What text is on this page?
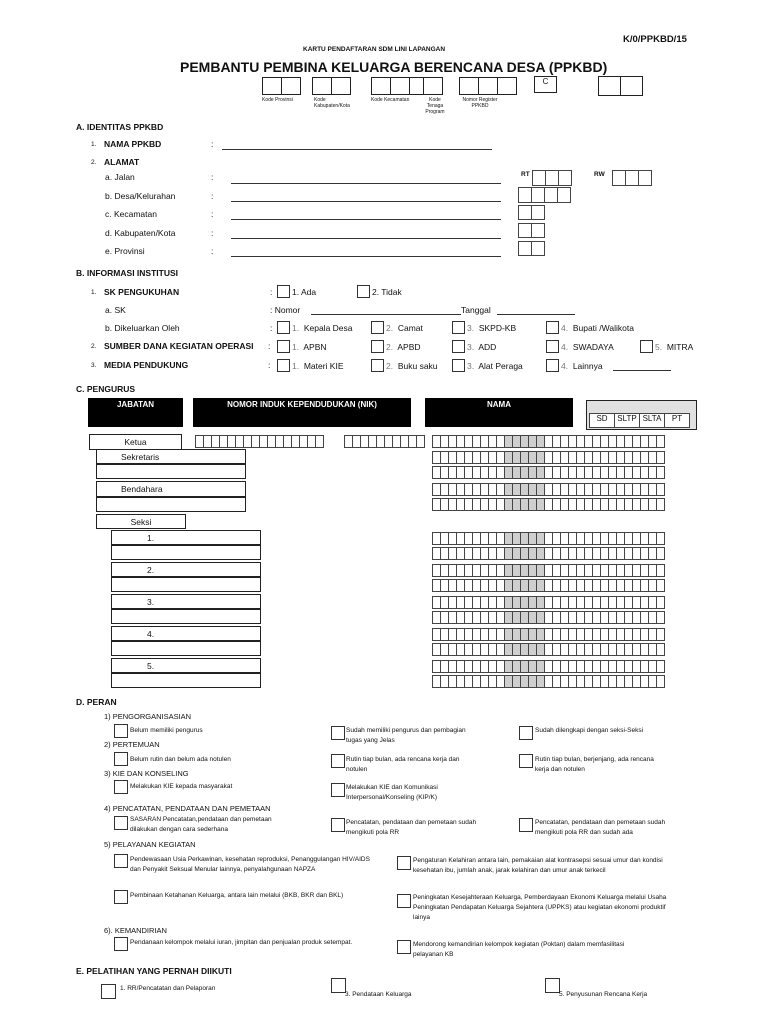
K/0/PPKBD/15
KARTU PENDAFTARAN SDM LINI LAPANGAN
PEMBANTU PEMBINA KELUARGA BERENCANA DESA (PPKBD)
C
Kode Provinsi	Kode Kabupaten/Kota
Kode Kecamatan	Kode Tenaga Program
Nomor Register PPKBD
A. IDENTITAS PPKBD
1. NAMA PPKBD	:
2. ALAMAT
a. Jalan	:
b. Desa/Kelurahan	:
c. Kecamatan	:
d. Kabupaten/Kota	:
e. Provinsi	:
RT	RW
B. INFORMASI INSTITUSI
1. SK PENGUKUHAN	: 1. Ada	2. Tidak
a. SK	: Nomor	Tanggal
b. Dikeluarkan Oleh	: 1. Kepala Desa	2. Camat	3. SKPD-KB	4. Bupati /Walikota
2. SUMBER DANA KEGIATAN OPERASI :	1. APBN	2. APBD	3. ADD	4. SWADAYA	5. MITRA
3. MEDIA PENDUKUNG	:	1. Materi KIE	2. Buku saku	3. Alat Peraga	4. Lainnya
C. PENGURUS
JABATAN	NOMOR INDUK KEPENDUDUKAN (NIK)	NAMA
SD	SLTP SLTA	PT
Ketua
Sekretaris
Bendahara
Seksi
1.
2.
3.
4.
5.
D. PERAN
1) PENGORGANISASIAN
Belum memiliki pengurus	Sudah memiliki pengurus dan pembagian tugas yang Jelas
Sudah dilengkapi dengan seksi-Seksi
2) PERTEMUAN
Belum rutin dan belum ada notulen	Rutin tiap bulan, ada rencana kerja dan notulen
Rutin tiap bulan, berjenjang, ada rencana kerja dan notulen
3) KIE DAN KONSELING
Melakukan KIE kepada masyarakat	Melakukan KIE dan Komunikasi Interpersonal/Konseling (KIP/K)
4) PENCATATAN, PENDATAAN DAN PEMETAAN
SASARAN Pencatatan,pendataan dan pemetaan dilakukan dengan cara sederhana
Pencatatan, pendataan dan pemetaan sudah mengikuti pola RR
Pencatatan, pendataan dan pemetaan sudah mengikuti pola RR dan sudah ada
5) PELAYANAN KEGIATAN
Pendewasaan Usia Perkawinan, kesehatan reproduksi, Penanggulangan HIV/AIDS dan Penyakit Seksual Menular lainnya, penyalahgunaan NAPZA
Pengaturan Kelahiran antara lain, pemakaian alat kontrasepsi sesuai umur dan kondisi kesehatan ibu, jumlah anak, jarak kelahiran dan umur anak terkecil
Pembinaan Ketahanan Keluarga, antara lain melalui (BKB, BKR dan BKL)	Peningkatan Kesejahteraan Keluarga, Pemberdayaan Ekonomi Keluarga melalui Usaha Peningkatan Pendapatan Keluarga Sejahtera (UPPKS) atau kegiatan ekonomi produktif lainya
6). KEMANDIRIAN
Pendanaan kelompok melalui iuran, jimpitan dan penjualan produk setempat.	Mendorong kemandirian kelompok kegiatan (Poktan) dalam memfasilitasi pelayanan KB
E. PELATIHAN YANG PERNAH DIIKUTI
1. RR/Pencatatan dan Pelaporan
3. Pendataan Keluarga	5. Penyusunan Rencana Kerja
